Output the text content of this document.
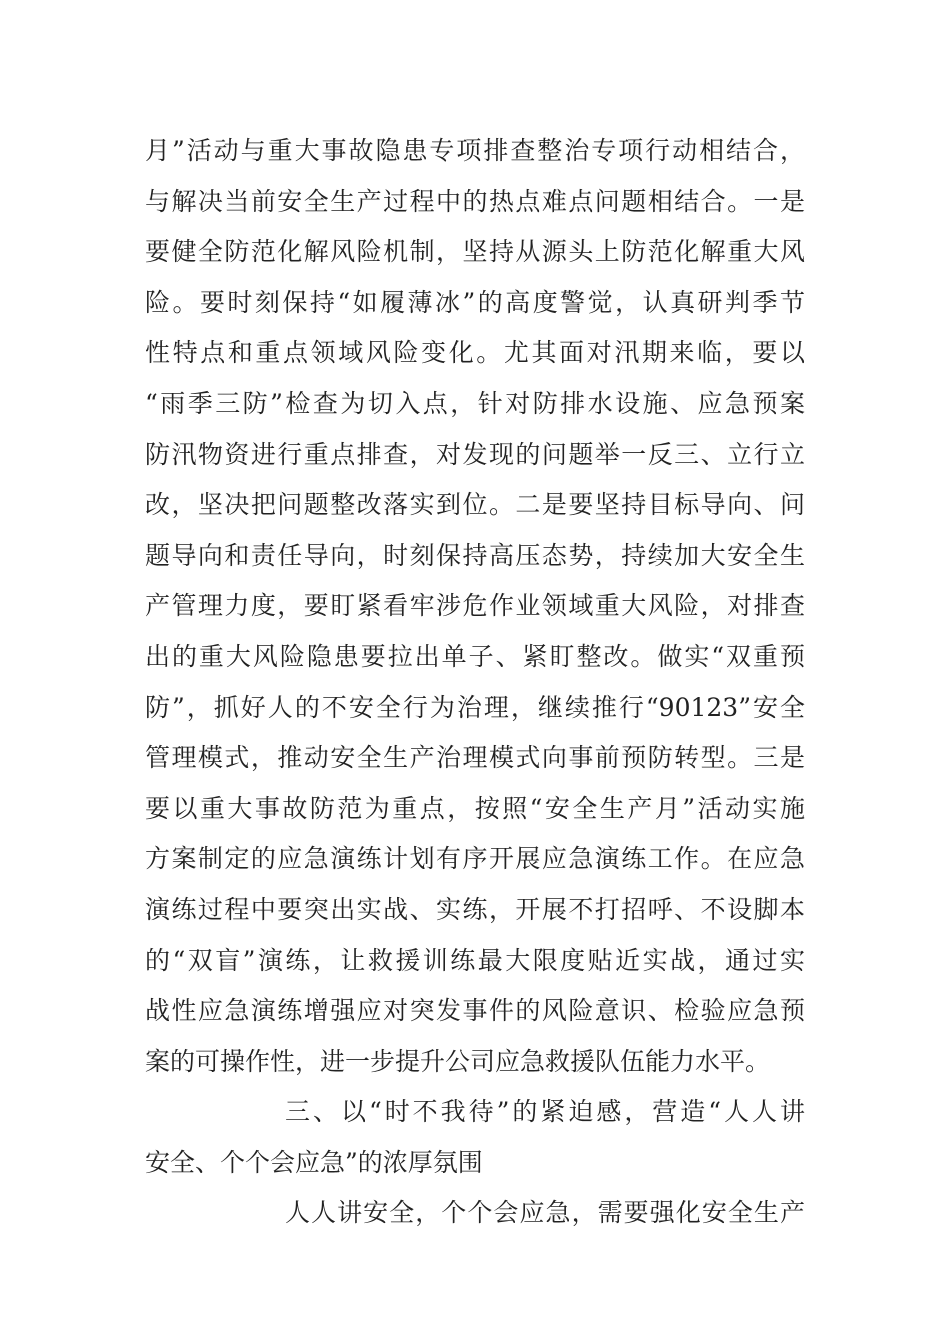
月”活动与重大事故隐患专项排查整治专项行动相结合，
与解决当前安全生产过程中的热点难点问题相结合。一是
要健全防范化解风险机制，坚持从源头上防范化解重大风
险。要时刻保持“如履薄冰”的高度警觉，认真研判季节
性特点和重点领域风险变化。尤其面对汛期来临，要以
“雨季三防”检查为切入点，针对防排水设施、应急预案
防汛物资进行重点排查，对发现的问题举一反三、立行立
改，坚决把问题整改落实到位。二是要坚持目标导向、问
题导向和责任导向，时刻保持高压态势，持续加大安全生
产管理力度，要盯紧看牢涉危作业领域重大风险，对排查
出的重大风险隐患要拉出单子、紧盯整改。做实“双重预
防”，抓好人的不安全行为治理，继续推行“90123”安全
管理模式，推动安全生产治理模式向事前预防转型。三是
要以重大事故防范为重点，按照“安全生产月”活动实施
方案制定的应急演练计划有序开展应急演练工作。在应急
演练过程中要突出实战、实练，开展不打招呼、不设脚本
的“双盲”演练，让救援训练最大限度贴近实战，通过实
战性应急演练增强应对突发事件的风险意识、检验应急预
案的可操作性，进一步提升公司应急救援队伍能力水平。
三、以“时不我待”的紧迫感，营造“人人讲
安全、个个会应急”的浓厚氛围
人人讲安全，个个会应急，需要强化安全生产
